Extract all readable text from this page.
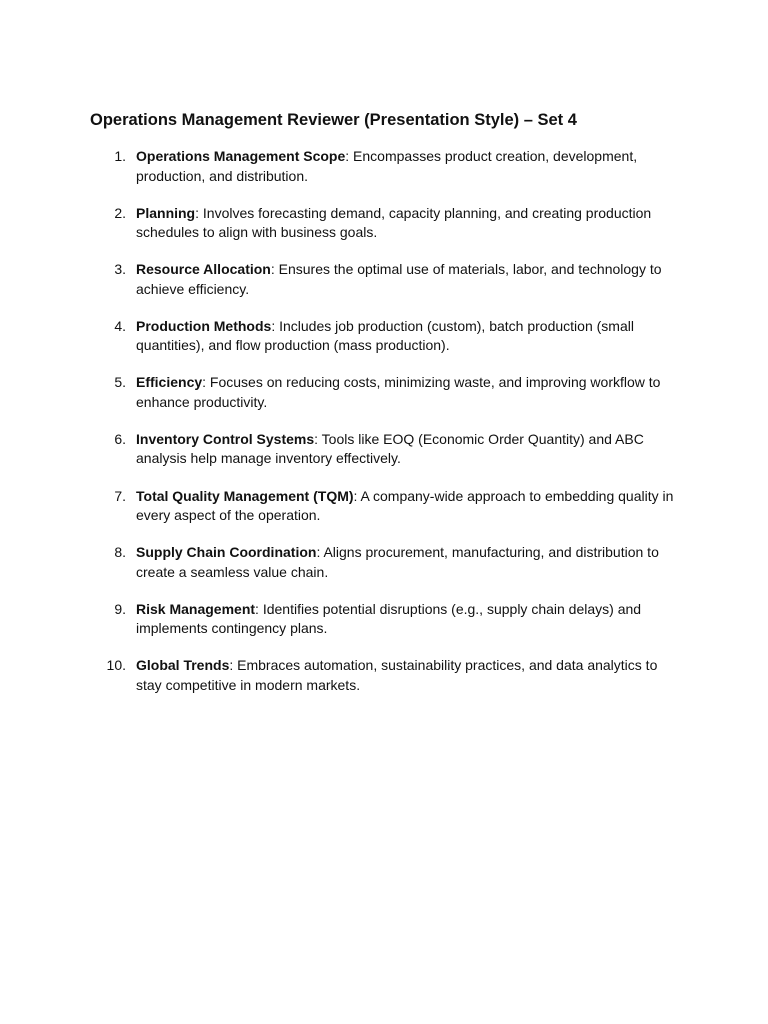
Operations Management Reviewer (Presentation Style) – Set 4
1. Operations Management Scope: Encompasses product creation, development, production, and distribution.
2. Planning: Involves forecasting demand, capacity planning, and creating production schedules to align with business goals.
3. Resource Allocation: Ensures the optimal use of materials, labor, and technology to achieve efficiency.
4. Production Methods: Includes job production (custom), batch production (small quantities), and flow production (mass production).
5. Efficiency: Focuses on reducing costs, minimizing waste, and improving workflow to enhance productivity.
6. Inventory Control Systems: Tools like EOQ (Economic Order Quantity) and ABC analysis help manage inventory effectively.
7. Total Quality Management (TQM): A company-wide approach to embedding quality in every aspect of the operation.
8. Supply Chain Coordination: Aligns procurement, manufacturing, and distribution to create a seamless value chain.
9. Risk Management: Identifies potential disruptions (e.g., supply chain delays) and implements contingency plans.
10. Global Trends: Embraces automation, sustainability practices, and data analytics to stay competitive in modern markets.
